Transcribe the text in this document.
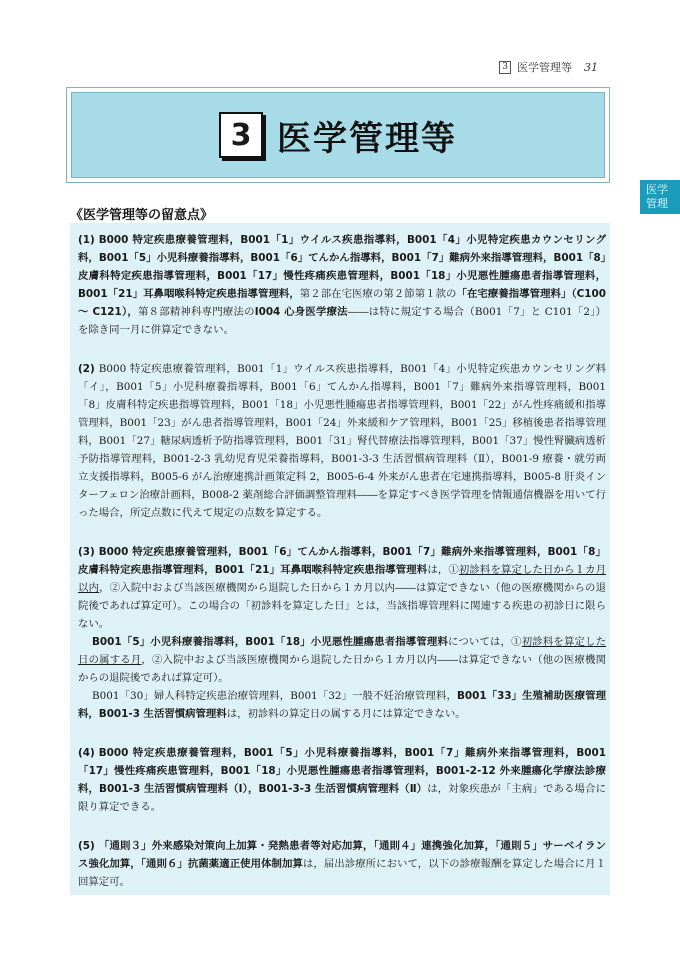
3 医学管理等 31
3 医学管理等
医学
管理
《医学管理等の留意点》

(1) B000 特定疾患療養管理料，B001「1」ウイルス疾患指導料，B001「4」小児特定疾患カウンセリング料，B001「5」小児科療養指導料，B001「6」てんかん指導料，B001「7」難病外来指導管理料，B001「8」皮膚科特定疾患指導管理料，B001「17」慢性疼痛疾患管理料，B001「18」小児悪性腫瘍患者指導管理料，B001「21」耳鼻咽喉科特定疾患指導管理料，第２部在宅医療の第２節第１款の「在宅療養指導管理料」（C100 ～ C121），第８部精神科専門療法のI004 心身医学療法――は特に規定する場合（B001「7」と C101「2」）を除き同一月に併算定できない。

(2) B000 特定疾患療養管理料，B001「1」ウイルス疾患指導料，B001「4」小児特定疾患カウンセリング料「イ」，B001「5」小児科療養指導料，B001「6」てんかん指導料，B001「7」難病外来指導管理料，B001「8」皮膚科特定疾患指導管理料，B001「18」小児悪性腫瘍患者指導管理料，B001「22」がん性疼痛緩和指導管理料，B001「23」がん患者指導管理料，B001「24」外来緩和ケア管理料，B001「25」移植後患者指導管理料，B001「27」糖尿病透析予防指導管理料，B001「31」腎代替療法指導管理料，B001「37」慢性腎臓病透析予防指導管理料，B001-2-3 乳幼児育児栄養指導料，B001-3-3 生活習慣病管理料（Ⅱ），B001-9 療養・就労両立支援指導料，B005-6 がん治療連携計画策定料 2，B005-6-4 外来がん患者在宅連携指導料，B005-8 肝炎インターフェロン治療計画料，B008-2 薬剤総合評価調整管理料――を算定すべき医学管理を情報通信機器を用いて行った場合，所定点数に代えて規定の点数を算定する。

(3) B000 特定疾患療養管理料，B001「6」てんかん指導料，B001「7」難病外来指導管理料，B001「8」皮膚科特定疾患指導管理料，B001「21」耳鼻咽喉科特定疾患指導管理料は，①初診料を算定した日から１カ月以内，②入院中および当該医療機関から退院した日から１カ月以内――は算定できない（他の医療機関からの退院後であれば算定可）。この場合の「初診料を算定した日」とは，当該指導管理料に関連する疾患の初診日に限らない。

B001「5」小児科療養指導料，B001「18」小児悪性腫瘍患者指導管理料については，①初診料を算定した日の属する月，②入院中および当該医療機関から退院した日から１カ月以内――は算定できない（他の医療機関からの退院後であれば算定可）。

B001「30」婦人科特定疾患治療管理料，B001「32」一般不妊治療管理料，B001「33」生殖補助医療管理料，B001-3 生活習慣病管理料は，初診料の算定日の属する月には算定できない。

(4) B000 特定疾患療養管理料，B001「5」小児科療養指導料，B001「7」難病外来指導管理料，B001「17」慢性疼痛疾患管理料，B001「18」小児悪性腫瘍患者指導管理料，B001-2-12 外来腫瘍化学療法診療料，B001-3 生活習慣病管理料（Ⅰ），B001-3-3 生活習慣病管理料（Ⅱ）は，対象疾患が「主病」である場合に限り算定できる。

(5) 「通則３」外来感染対策向上加算・発熱患者等対応加算，「通則４」連携強化加算，「通則５」サーベイランス強化加算，「通則６」抗菌薬適正使用体制加算は，届出診療所において，以下の診療報酬を算定した場合に月１回算定可。
